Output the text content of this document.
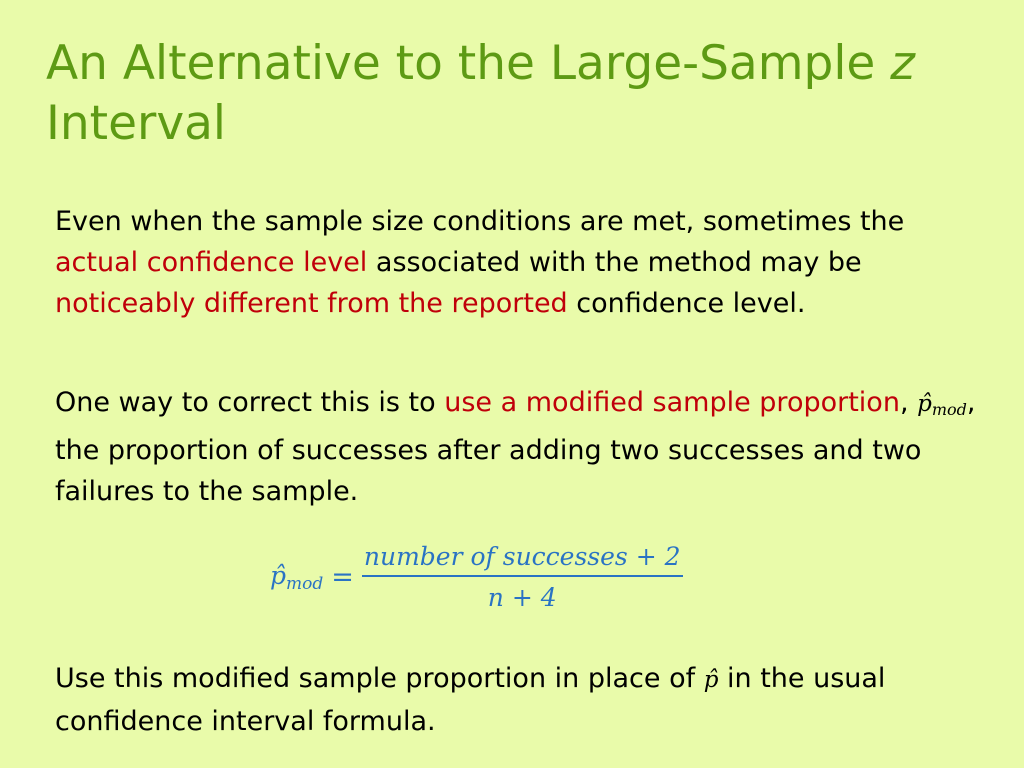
An Alternative to the Large-Sample z Interval

Even when the sample size conditions are met, sometimes the actual confidence level associated with the method may be noticeably different from the reported confidence level.

One way to correct this is to use a modified sample proportion, $p̂_{mod}$, the proportion of successes after adding two successes and two failures to the sample.

$p̂_{mod} = \frac{\text{number of successes + 2}}{n + 4}$

Use this modified sample proportion in place of p̂ in the usual confidence interval formula.
